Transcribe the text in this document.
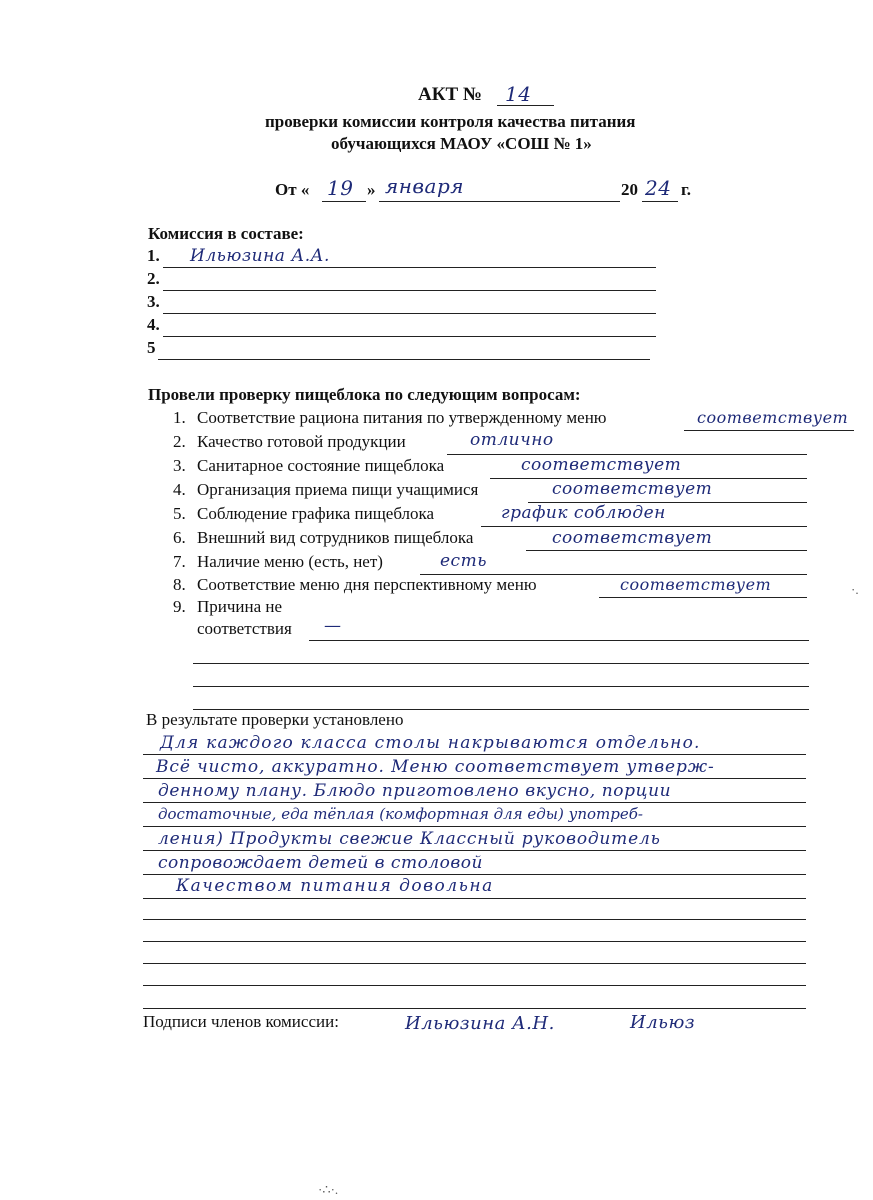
АКТ № 14
проверки комиссии контроля качества питания
обучающихся МАОУ «СОШ № 1»
От « 19 » января	20 24 г.
Комиссия в составе:
1. Ильюзина А.А.
2.
3.
4.
5
Провели проверку пищеблока по следующим вопросам:
1. Соответствие рациона питания по утвержденному меню	соответствует
2. Качество готовой продукции	отлично
3. Санитарное состояние пищеблока	соответствует
4. Организация приема пищи учащимися	соответствует
5. Соблюдение графика пищеблока	график соблюден
6. Внешний вид сотрудников пищеблока	соответствует
7. Наличие меню (есть, нет)	есть
8. Соответствие меню дня перспективному меню	соответствует
9. Причина не
соответствия —
В результате проверки установлено
Для каждого класса столы накрываются отдельно.
Всё чисто, аккуратно. Меню соответствует утверж-
денному плану. Блюдо приготовлено вкусно, порции
достаточные, еда тёплая (комфортная для еды) употреб-
ления) Продукты свежие Классный руководитель
сопровождает детей в столовой
Качеством питания довольна
Подписи членов комиссии:	Ильюзина А.Н.	Ильюз
·.
·∴·.
